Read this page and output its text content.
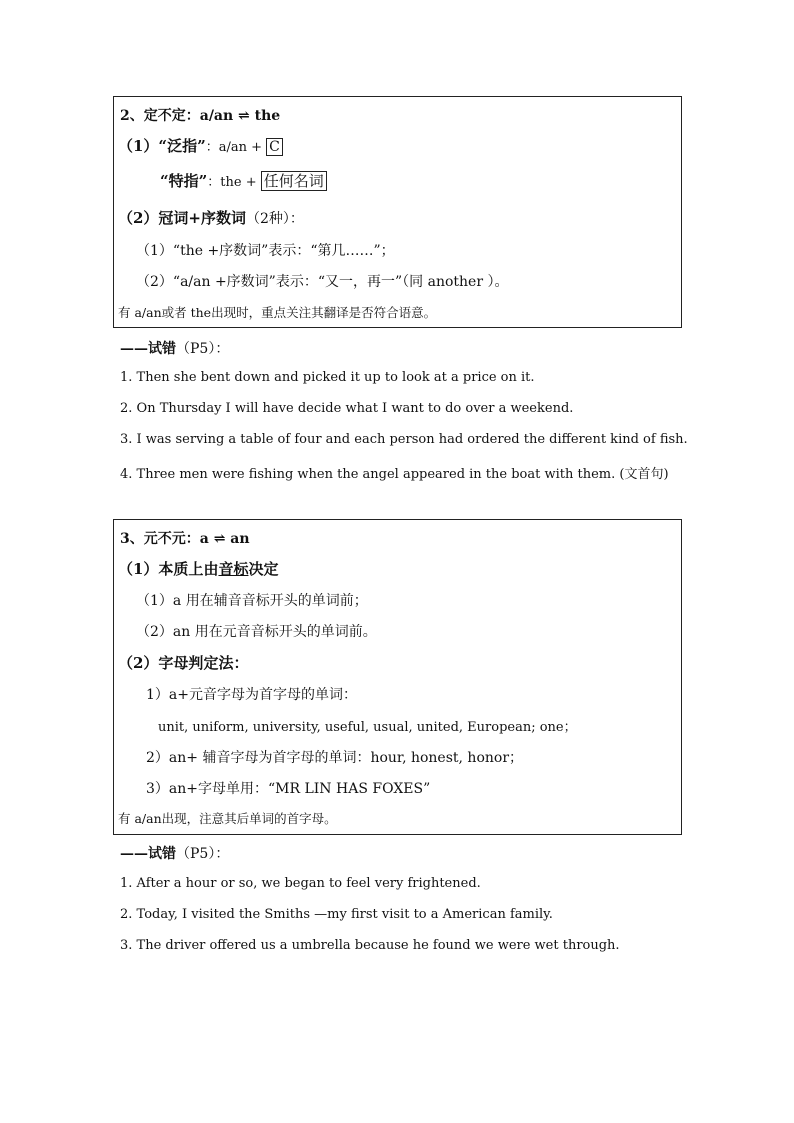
2、定不定：a/an ⇌ the
（1）“泛指”：a/an + C
“特指”：the + 任何名词
（2）冠词+序数词（2种）：
（1）“the +序数词”表示：“第几……”；
（2）“a/an +序数词”表示：“又一，再一”（同 another ）。
有 a/an或者 the出现时，重点关注其翻译是否符合语意。
——试错（P5）：
1. Then she bent down and picked it up to look at a price on it.
2. On Thursday I will have decide what I want to do over a weekend.
3. I was serving a table of four and each person had ordered the different kind of fish.
4. Three men were fishing when the angel appeared in the boat with them. (文首句)
3、元不元：a ⇌ an
（1）本质上由音标决定
（1）a 用在辅音音标开头的单词前；
（2）an 用在元音音标开头的单词前。
（2）字母判定法：
1）a+元音字母为首字母的单词：
unit, uniform, university, useful, usual, united, European; one；
2）an+ 辅音字母为首字母的单词：hour, honest, honor；
3）an+字母单用：“MR LIN HAS FOXES”
有 a/an出现，注意其后单词的首字母。
——试错（P5）：
1. After a hour or so, we began to feel very frightened.
2. Today, I visited the Smiths —my first visit to a American family.
3. The driver offered us a umbrella because he found we were wet through.
